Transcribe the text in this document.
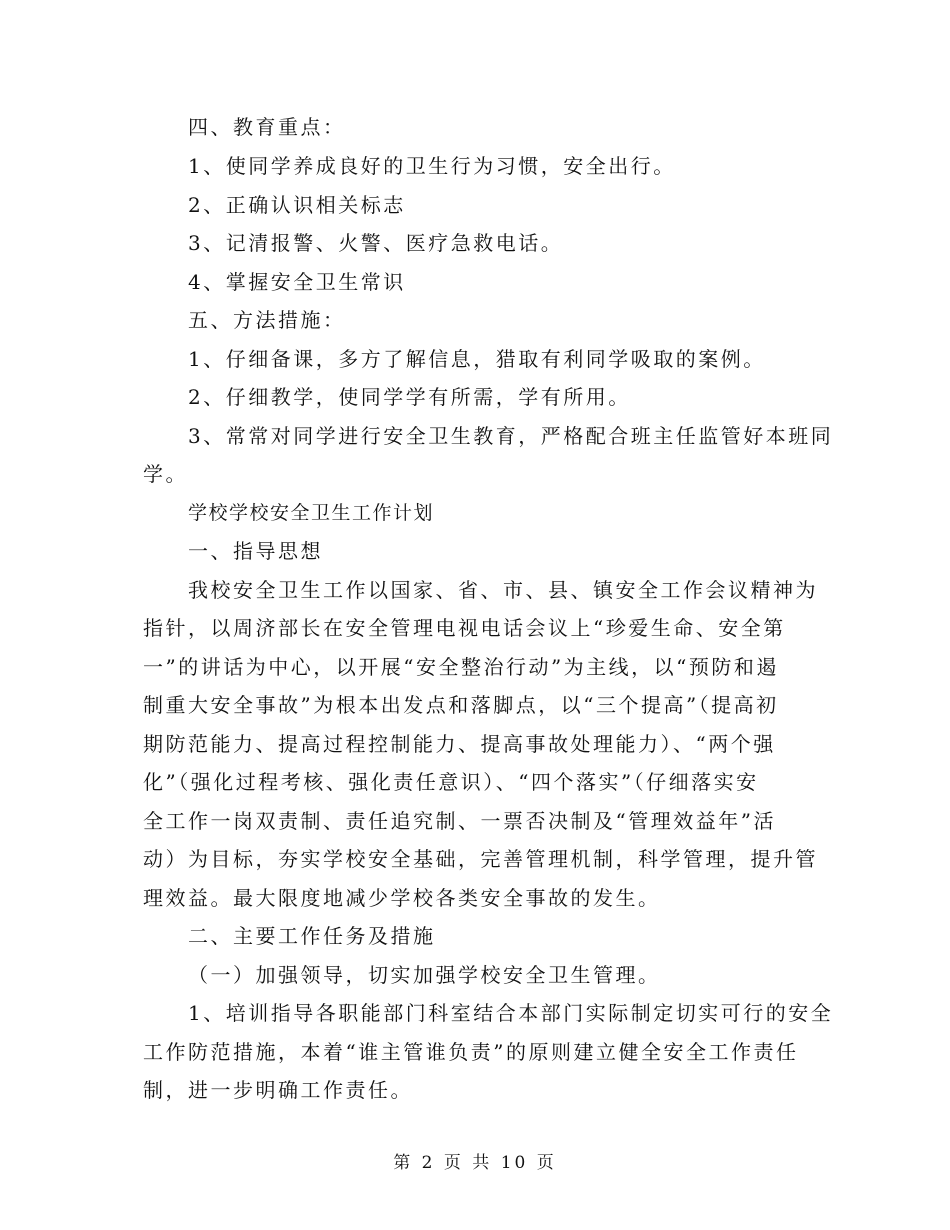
四、教育重点：
1、使同学养成良好的卫生行为习惯，安全出行。
2、正确认识相关标志
3、记清报警、火警、医疗急救电话。
4、掌握安全卫生常识
五、方法措施：
1、仔细备课，多方了解信息，猎取有利同学吸取的案例。
2、仔细教学，使同学学有所需，学有所用。
3、常常对同学进行安全卫生教育，严格配合班主任监管好本班同
学。
学校学校安全卫生工作计划
一、指导思想
我校安全卫生工作以国家、省、市、县、镇安全工作会议精神为
指针，以周济部长在安全管理电视电话会议上“珍爱生命、安全第
一”的讲话为中心，以开展“安全整治行动”为主线，以“预防和遏
制重大安全事故”为根本出发点和落脚点，以“三个提高”（提高初
期防范能力、提高过程控制能力、提高事故处理能力）、“两个强
化”（强化过程考核、强化责任意识）、“四个落实”（仔细落实安
全工作一岗双责制、责任追究制、一票否决制及“管理效益年”活
动）为目标，夯实学校安全基础，完善管理机制，科学管理，提升管
理效益。最大限度地减少学校各类安全事故的发生。
二、主要工作任务及措施
（一）加强领导，切实加强学校安全卫生管理。
1、培训指导各职能部门科室结合本部门实际制定切实可行的安全
工作防范措施，本着“谁主管谁负责”的原则建立健全安全工作责任
制，进一步明确工作责任。
第 2 页 共 10 页
